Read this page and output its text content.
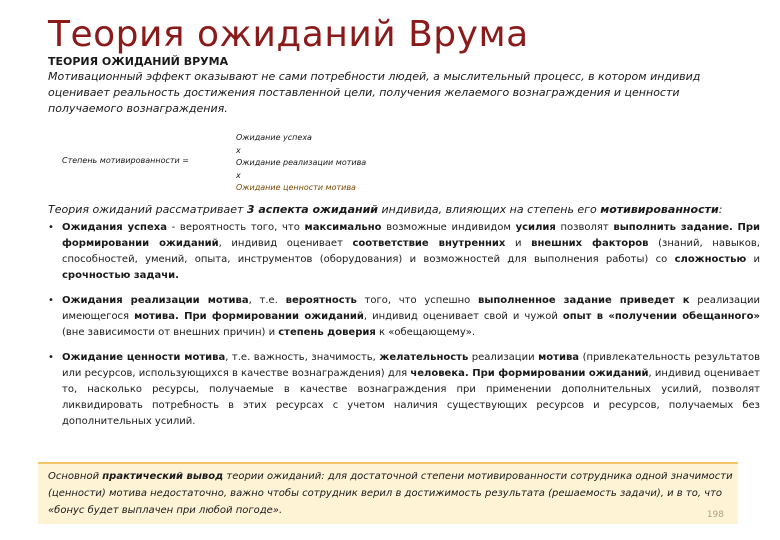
Теория ожиданий Врума

ТЕОРИЯ ОЖИДАНИЙ ВРУМА

Мотивационный эффект оказывают не сами потребности людей, а мыслительный процесс, в котором индивид оценивает реальность достижения поставленной цели, получения желаемого вознаграждения и ценности получаемого вознаграждения.

Степень мотивированности =
Ожидание успеха
x
Ожидание реализации мотива
x
Ожидание ценности мотива

Теория ожиданий рассматривает 3 аспекта ожиданий индивида, влияющих на степень его мотивированности:

• Ожидания успеха - вероятность того, что максимально возможные индивидом усилия позволят выполнить задание. При формировании ожиданий, индивид оценивает соответствие внутренних и внешних факторов (знаний, навыков, способностей, умений, опыта, инструментов (оборудования) и возможностей для выполнения работы) со сложностью и срочностью задачи.
• Ожидания реализации мотива, т.е. вероятность того, что успешно выполненное задание приведет к реализации имеющегося мотива. При формировании ожиданий, индивид оценивает свой и чужой опыт в «получении обещанного» (вне зависимости от внешних причин) и степень доверия к «обещающему».
• Ожидание ценности мотива, т.е. важность, значимость, желательность реализации мотива (привлекательность результатов или ресурсов, использующихся в качестве вознаграждения) для человека. При формировании ожиданий, индивид оценивает то, насколько ресурсы, получаемые в качестве вознаграждения при применении дополнительных усилий, позволят ликвидировать потребность в этих ресурсах с учетом наличия существующих ресурсов и ресурсов, получаемых без дополнительных усилий.

Основной практический вывод теории ожиданий: для достаточной степени мотивированности сотрудника одной значимости (ценности) мотива недостаточно, важно чтобы сотрудник верил в достижимость результата (решаемость задачи), и в то, что «бонус будет выплачен при любой погоде».	198
